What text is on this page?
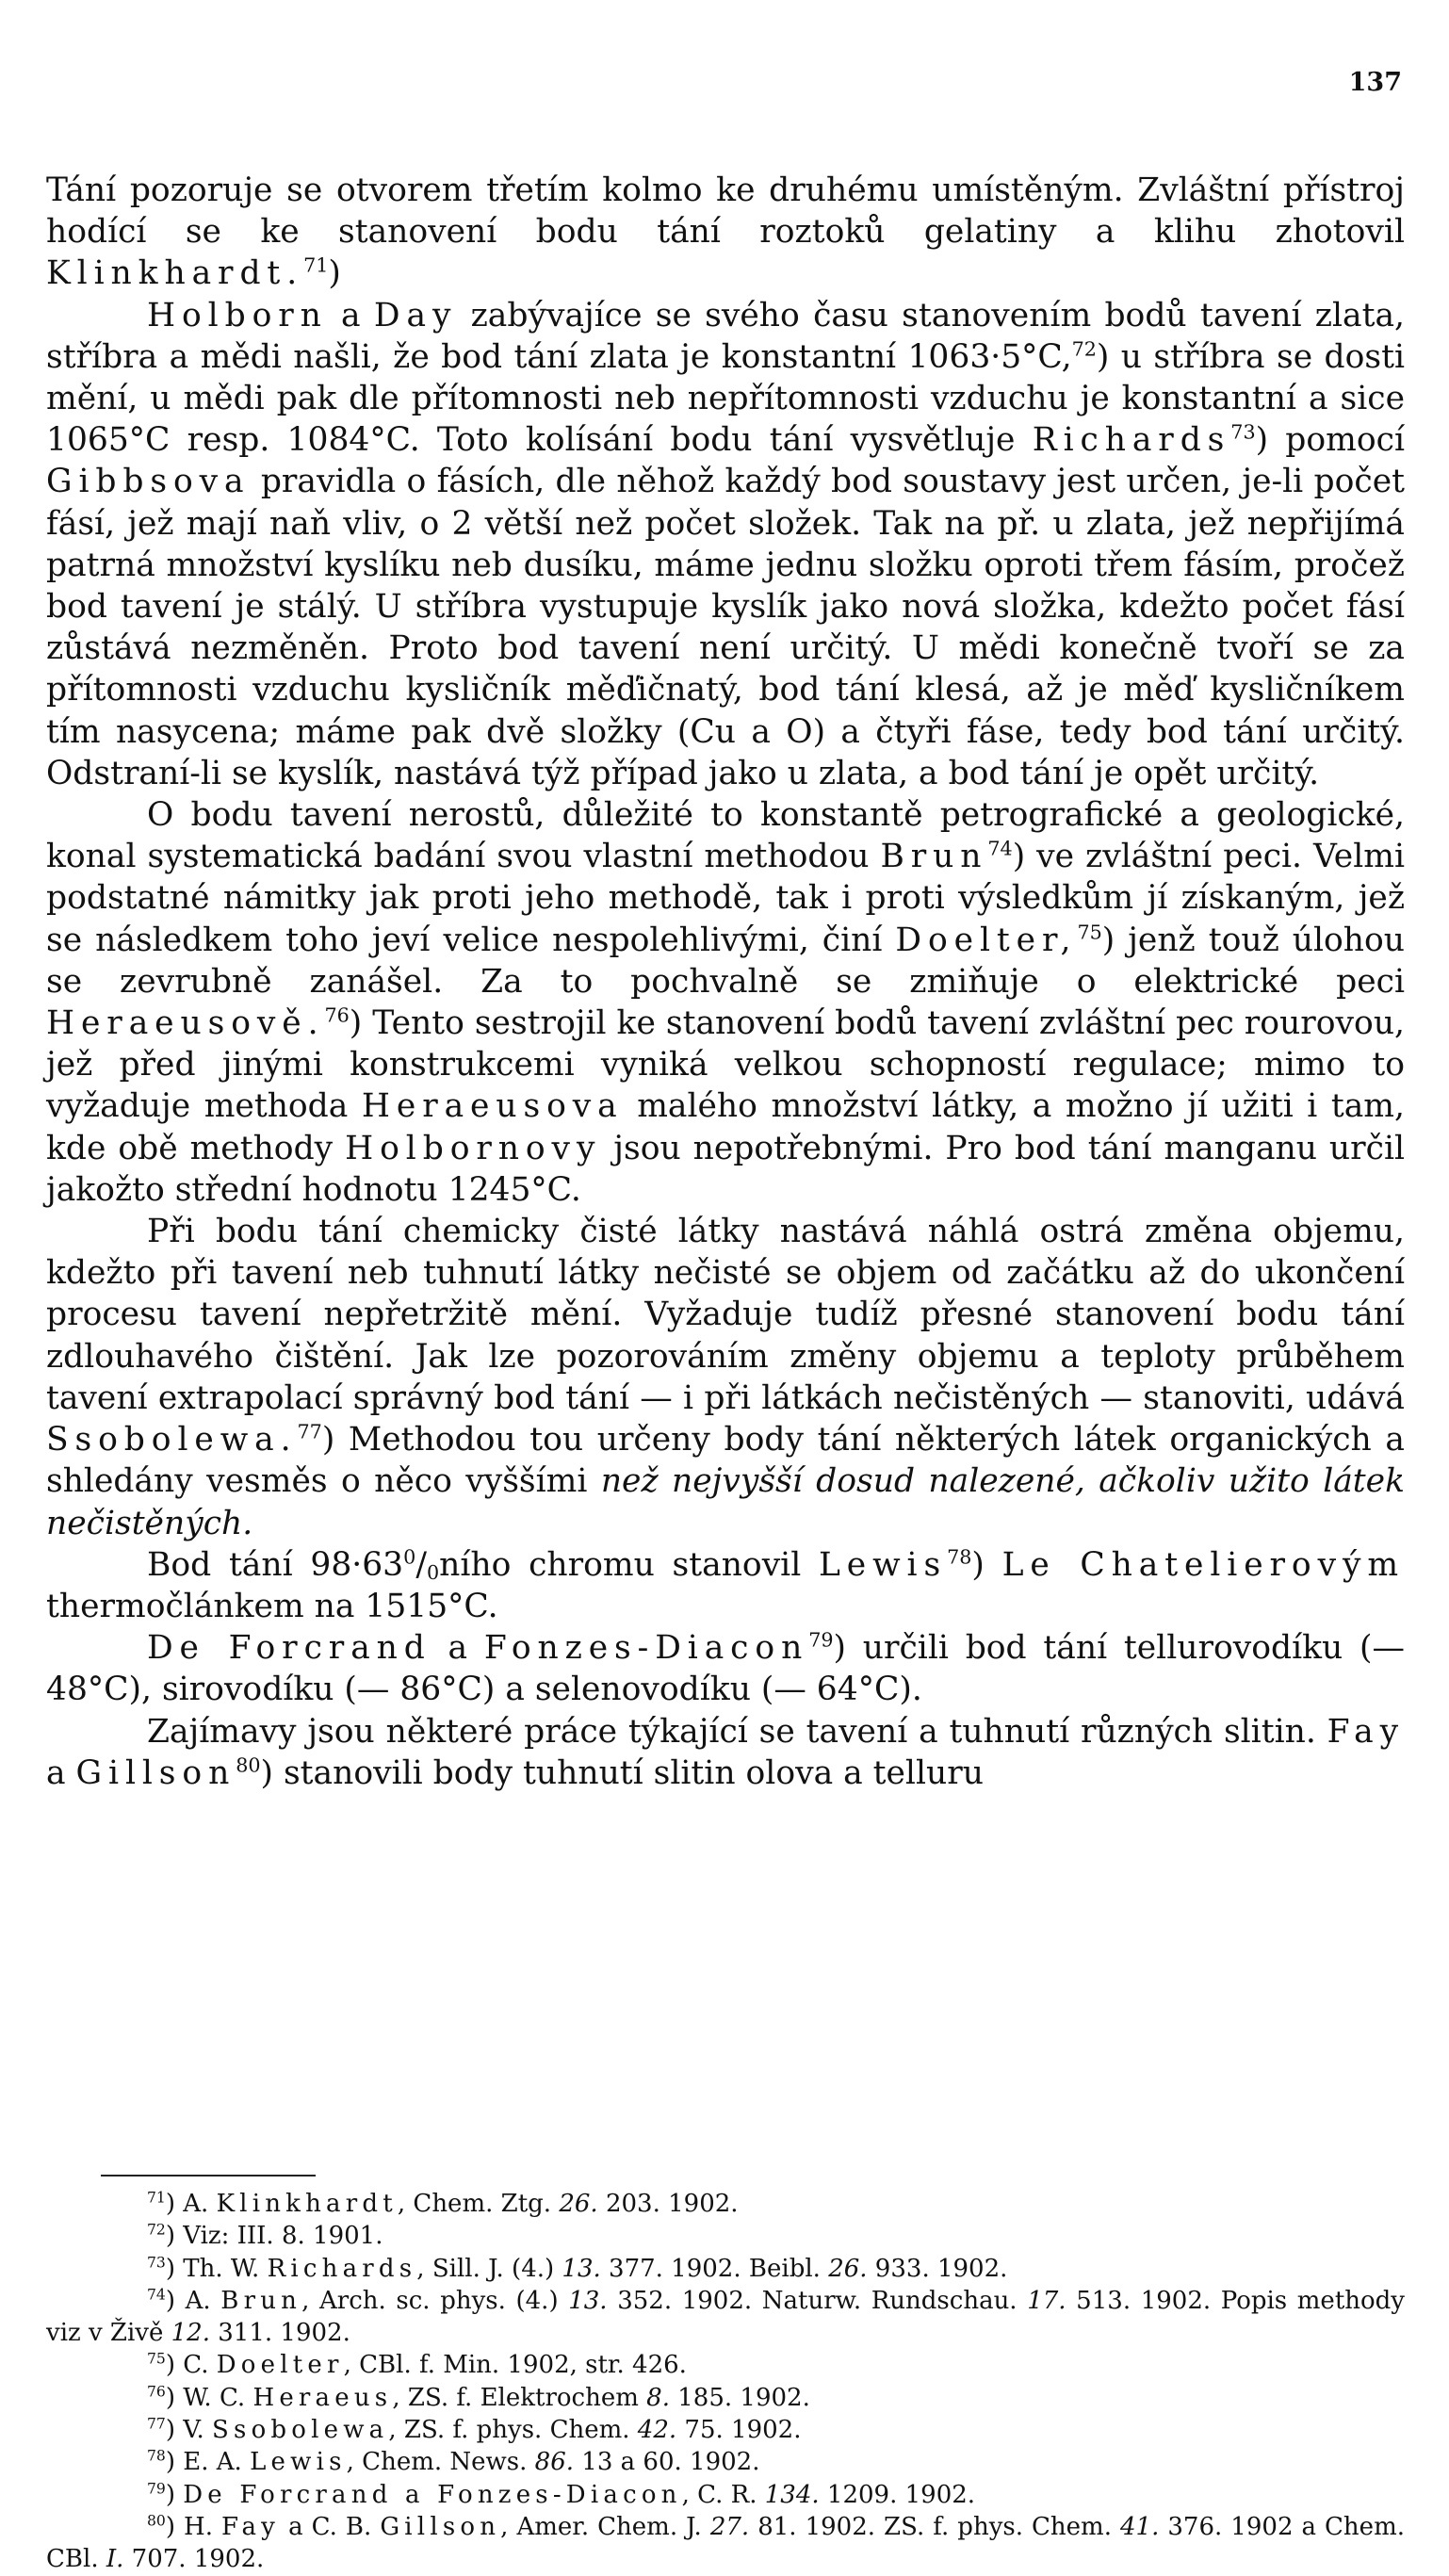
137

Tání pozoruje se otvorem třetím kolmo ke druhému umístěným. Zvláštní přístroj hodící se ke stanovení bodu tání roztoků gelatiny a klihu zhotovil Klinkhardt.$^{71}$)

Holborn a Day zabývajíce se svého času stanovením bodů tavení zlata, stříbra a mědi našli, že bod tání zlata je konstantní 1063·5°C,$^{72}$) u stříbra se dosti mění, u mědi pak dle přítomnosti neb nepřítomnosti vzduchu je konstantní a sice 1065°C resp. 1084°C. Toto kolísání bodu tání vysvětluje Richards$^{73}$) pomocí Gibbsova pravidla o fásích, dle něhož každý bod soustavy jest určen, je-li počet fásí, jež mají naň vliv, o 2 větší než počet složek. Tak na př. u zlata, jež nepřijímá patrná množství kyslíku neb dusíku, máme jednu složku oproti třem fásím, pročež bod tavení je stálý. U stříbra vystupuje kyslík jako nová složka, kdežto počet fásí zůstává nezměněn. Proto bod tavení není určitý. U mědi konečně tvoří se za přítomnosti vzduchu kysličník měďičnatý, bod tání klesá, až je měď kysličníkem tím nasycena; máme pak dvě složky (Cu a O) a čtyři fáse, tedy bod tání určitý. Odstraní-li se kyslík, nastává týž případ jako u zlata, a bod tání je opět určitý.

O bodu tavení nerostů, důležité to konstantě petrografické a geologické, konal systematická badání svou vlastní methodou Brun$^{74}$) ve zvláštní peci. Velmi podstatné námitky jak proti jeho methodě, tak i proti výsledkům jí získaným, jež se následkem toho jeví velice nespolehlivými, činí Doelter,$^{75}$) jenž touž úlohou se zevrubně zanášel. Za to pochvalně se zmiňuje o elektrické peci Heraeusově.$^{76}$) Tento sestrojil ke stanovení bodů tavení zvláštní pec rourovou, jež před jinými konstrukcemi vyniká velkou schopností regulace; mimo to vyžaduje methoda Heraeusova malého množství látky, a možno jí užiti i tam, kde obě methody Holbornovy jsou nepotřebnými. Pro bod tání manganu určil jakožto střední hodnotu 1245°C.

Při bodu tání chemicky čisté látky nastává náhlá ostrá změna objemu, kdežto při tavení neb tuhnutí látky nečisté se objem od začátku až do ukončení procesu tavení nepřetržitě mění. Vyžaduje tudíž přesné stanovení bodu tání zdlouhavého čištění. Jak lze pozorováním změny objemu a teploty průběhem tavení extrapolací správný bod tání — i při látkách nečistěných — stanoviti, udává Ssobolewa.$^{77}$) Methodou tou určeny body tání některých látek organických a shledány vesměs o něco vyššími než nejvyšší dosud nalezené, ačkoliv užito látek nečistěných.

Bod tání $98\cdot 63^0/_0ního$ chromu stanovil Lewis$^{78}$) Le Chatelierovým thermočlánkem na 1515°C.

De Forcrand a Fonzes-Diacon$^{79}$) určili bod tání tellurovodíku (— 48°C), sirovodíku (— 86°C) a selenovodíku (— 64°C).

Zajímavy jsou některé práce týkající se tavení a tuhnutí různých slitin. Fay a Gillson$^{80}$) stanovili body tuhnutí slitin olova a telluru

$^{71}$) A. Klinkhardt, Chem. Ztg. 26. 203. 1902.

$^{72}$) Viz: III. 8. 1901.

$^{73}$) Th. W. Richards, Sill. J. (4.) 13. 377. 1902. Beibl. 26. 933. 1902.

$^{74}$) A. Brun, Arch. sc. phys. (4.) 13. 352. 1902. Naturw. Rundschau. 17. 513. 1902. Popis methody viz v Živě 12. 311. 1902.

$^{75}$) C. Doelter, CBl. f. Min. 1902, str. 426.

$^{76}$) W. C. Heraeus, ZS. f. Elektrochem 8. 185. 1902.

$^{77}$) V. Ssobolewa, ZS. f. phys. Chem. 42. 75. 1902.

$^{78}$) E. A. Lewis, Chem. News. 86. 13 a 60. 1902.

$^{79}$) De Forcrand a Fonzes-Diacon, C. R. 134. 1209. 1902.

$^{80}$) H. Fay a C. B. Gillson, Amer. Chem. J. 27. 81. 1902. ZS. f. phys. Chem. 41. 376. 1902 a Chem. CBl. I. 707. 1902.
